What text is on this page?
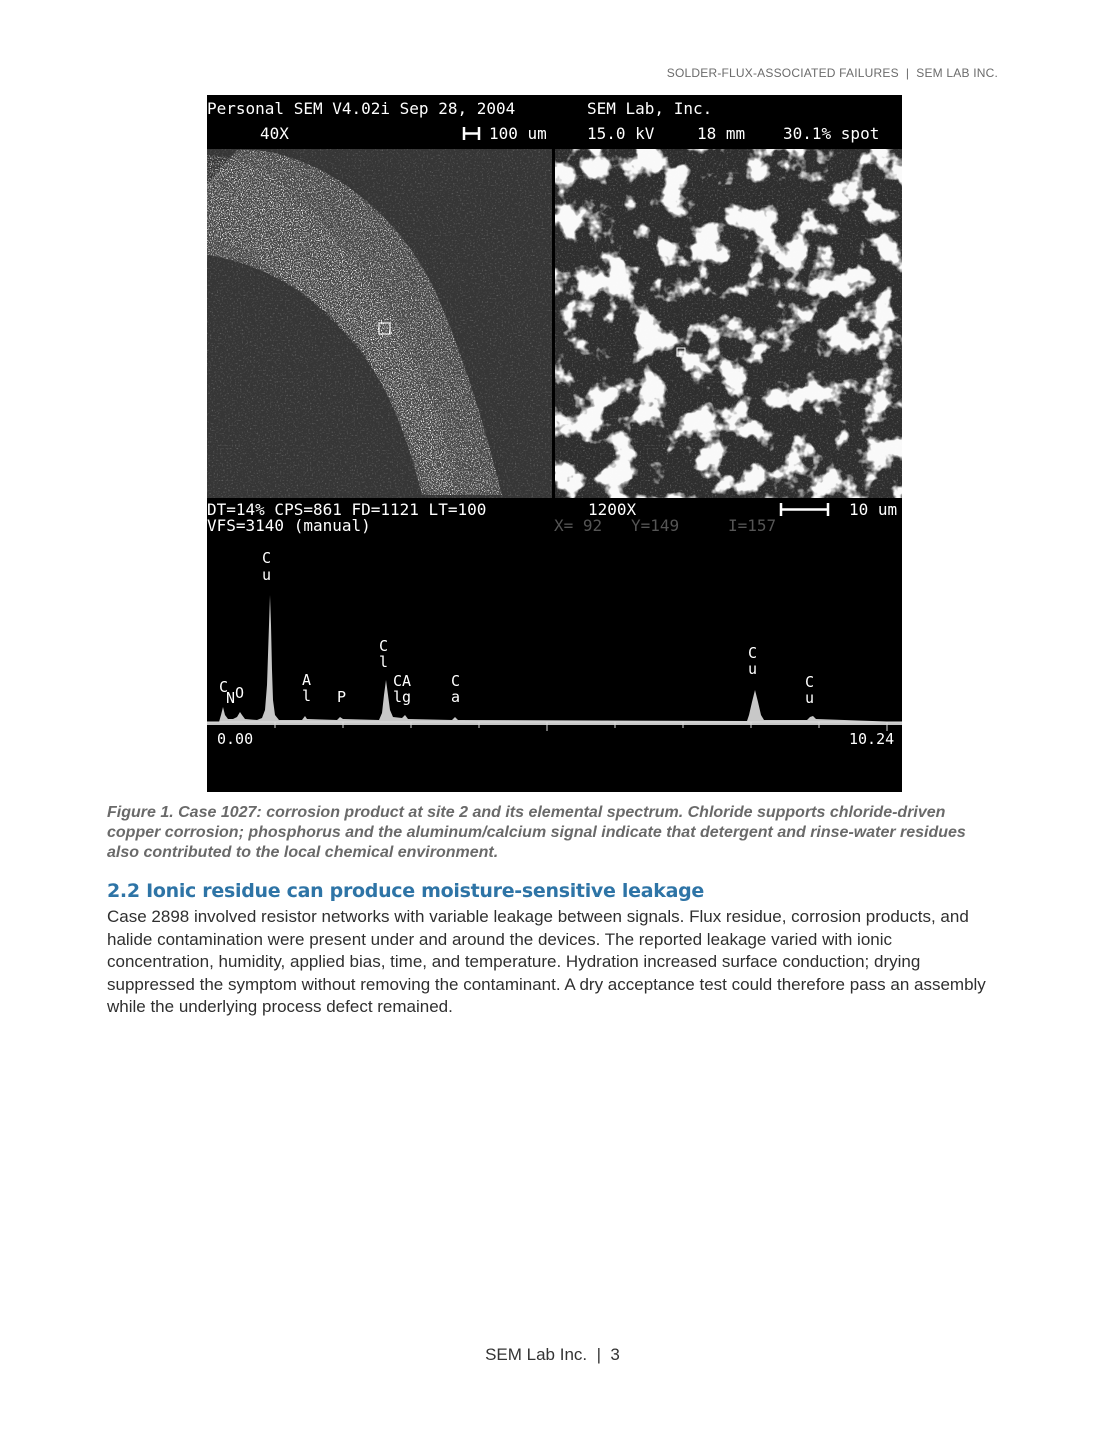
SOLDER-FLUX-ASSOCIATED FAILURES  |  SEM LAB INC.
Personal SEM V4.02i Sep 28, 2004	SEM Lab, Inc.
40X	100 um	15.0 kV	18 mm 30.1% spot
DT=14% CPS=861 FD=1121 LT=100	1200X	10 um
VFS=3140 (manual)	X= 92 Y=149	I=157
0.00	10.24
C
N O
C
u
A
l P
C
l
CA
lg
C
a
C
u
C
u
Figure 1. Case 1027: corrosion product at site 2 and its elemental spectrum. Chloride supports chloride-driven copper corrosion; phosphorus and the aluminum/calcium signal indicate that detergent and rinse-water residues also contributed to the local chemical environment.
2.2 Ionic residue can produce moisture-sensitive leakage
Case 2898 involved resistor networks with variable leakage between signals. Flux residue, corrosion products, and halide contamination were present under and around the devices. The reported leakage varied with ionic concentration, humidity, applied bias, time, and temperature. Hydration increased surface conduction; drying suppressed the symptom without removing the contaminant. A dry acceptance test could therefore pass an assembly while the underlying process defect remained.
SEM Lab Inc.  |  3
